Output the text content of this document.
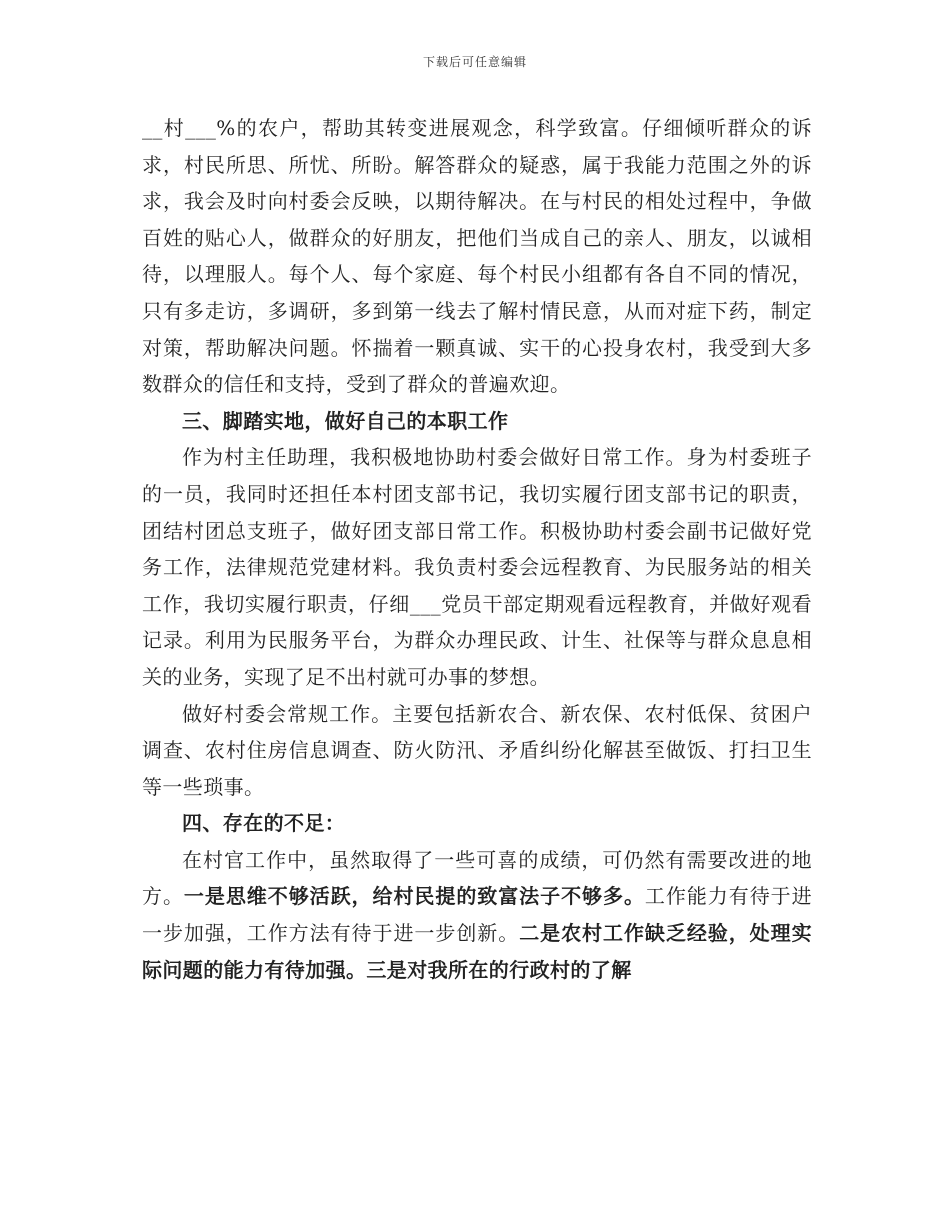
下载后可任意编辑

__村___%的农户，帮助其转变进展观念，科学致富。仔细倾听群众的诉求，村民所思、所忧、所盼。解答群众的疑惑，属于我能力范围之外的诉求，我会及时向村委会反映，以期待解决。在与村民的相处过程中，争做百姓的贴心人，做群众的好朋友，把他们当成自己的亲人、朋友，以诚相待，以理服人。每个人、每个家庭、每个村民小组都有各自不同的情况，只有多走访，多调研，多到第一线去了解村情民意，从而对症下药，制定对策，帮助解决问题。怀揣着一颗真诚、实干的心投身农村，我受到大多数群众的信任和支持，受到了群众的普遍欢迎。

三、脚踏实地，做好自己的本职工作

作为村主任助理，我积极地协助村委会做好日常工作。身为村委班子的一员，我同时还担任本村团支部书记，我切实履行团支部书记的职责，团结村团总支班子，做好团支部日常工作。积极协助村委会副书记做好党务工作，法律规范党建材料。我负责村委会远程教育、为民服务站的相关工作，我切实履行职责，仔细___党员干部定期观看远程教育，并做好观看记录。利用为民服务平台，为群众办理民政、计生、社保等与群众息息相关的业务，实现了足不出村就可办事的梦想。

做好村委会常规工作。主要包括新农合、新农保、农村低保、贫困户调查、农村住房信息调查、防火防汛、矛盾纠纷化解甚至做饭、打扫卫生等一些琐事。

四、存在的不足：

在村官工作中，虽然取得了一些可喜的成绩，可仍然有需要改进的地方。一是思维不够活跃，给村民提的致富法子不够多。工作能力有待于进一步加强，工作方法有待于进一步创新。二是农村工作缺乏经验，处理实际问题的能力有待加强。三是对我所在的行政村的了解
